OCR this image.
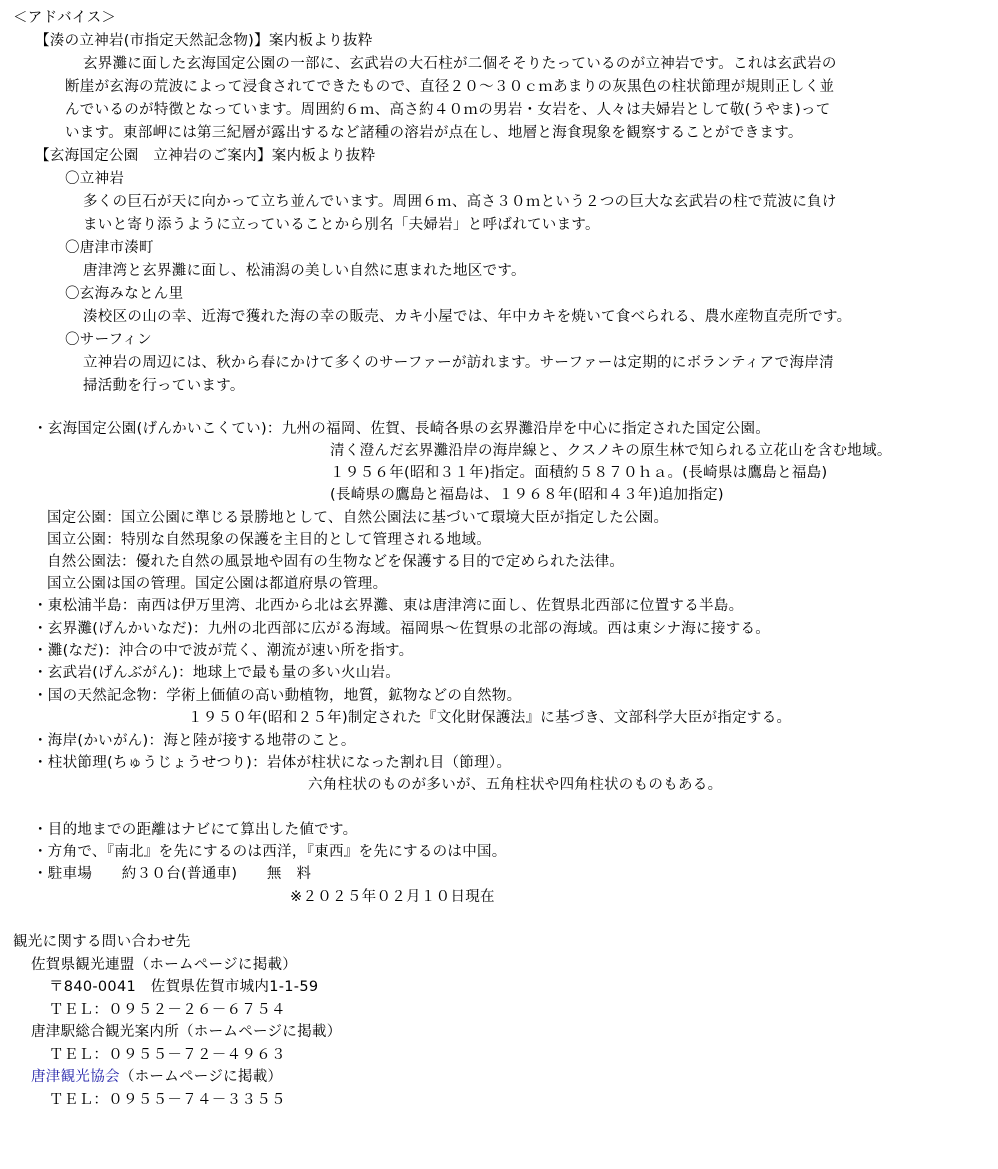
＜アドバイス＞
【湊の立神岩(市指定天然記念物)】案内板より抜粋
玄界灘に面した玄海国定公園の一部に、玄武岩の大石柱が二個そそりたっているのが立神岩です。これは玄武岩の
断崖が玄海の荒波によって浸食されてできたもので、直径２０～３０ｃｍあまりの灰黒色の柱状節理が規則正しく並
んでいるのが特徴となっています。周囲約６ｍ、高さ約４０ｍの男岩・女岩を、人々は夫婦岩として敬(うやま)って
います。東部岬には第三紀層が露出するなど諸種の溶岩が点在し、地層と海食現象を観察することができます。
【玄海国定公園　立神岩のご案内】案内板より抜粋
〇立神岩
多くの巨石が天に向かって立ち並んでいます。周囲６ｍ、高さ３０ｍという２つの巨大な玄武岩の柱で荒波に負け
まいと寄り添うように立っていることから別名「夫婦岩」と呼ばれています。
〇唐津市湊町
唐津湾と玄界灘に面し、松浦潟の美しい自然に恵まれた地区です。
〇玄海みなとん里
湊校区の山の幸、近海で獲れた海の幸の販売、カキ小屋では、年中カキを焼いて食べられる、農水産物直売所です。
〇サーフィン
立神岩の周辺には、秋から春にかけて多くのサーファーが訪れます。サーファーは定期的にボランティアで海岸清
掃活動を行っています。
・玄海国定公園(げんかいこくてい)：九州の福岡、佐賀、長崎各県の玄界灘沿岸を中心に指定された国定公園。
清く澄んだ玄界灘沿岸の海岸線と、クスノキの原生林で知られる立花山を含む地域。
１９５６年(昭和３１年)指定。面積約５８７０ｈａ。(長崎県は鷹島と福島)
(長崎県の鷹島と福島は、１９６８年(昭和４３年)追加指定)
国定公園：国立公園に準じる景勝地として、自然公園法に基づいて環境大臣が指定した公園。
国立公園：特別な自然現象の保護を主目的として管理される地域。
自然公園法：優れた自然の風景地や固有の生物などを保護する目的で定められた法律。
国立公園は国の管理。国定公園は都道府県の管理。
・東松浦半島：南西は伊万里湾、北西から北は玄界灘、東は唐津湾に面し、佐賀県北西部に位置する半島。
・玄界灘(げんかいなだ)：九州の北西部に広がる海域。福岡県～佐賀県の北部の海域。西は東シナ海に接する。
・灘(なだ)：沖合の中で波が荒く、潮流が速い所を指す。
・玄武岩(げんぶがん)：地球上で最も量の多い火山岩。
・国の天然記念物：学術上価値の高い動植物，地質，鉱物などの自然物。
１９５０年(昭和２５年)制定された『文化財保護法』に基づき、文部科学大臣が指定する。
・海岸(かいがん)：海と陸が接する地帯のこと。
・柱状節理(ちゅうじょうせつり)：岩体が柱状になった割れ目（節理）。
六角柱状のものが多いが、五角柱状や四角柱状のものもある。
・目的地までの距離はナビにて算出した値です。
・方角で、『南北』を先にするのは西洋，『東西』を先にするのは中国。
・駐車場　　約３０台(普通車)　　無　料
※２０２５年０２月１０日現在
観光に関する問い合わせ先
佐賀県観光連盟（ホームページに掲載）
〒840-0041　佐賀県佐賀市城内1-1-59
ＴＥＬ：０９５２－２６－６７５４
唐津駅総合観光案内所（ホームページに掲載）
ＴＥＬ：０９５５－７２－４９６３
唐津観光協会（ホームページに掲載）
ＴＥＬ：０９５５－７４－３３５５
